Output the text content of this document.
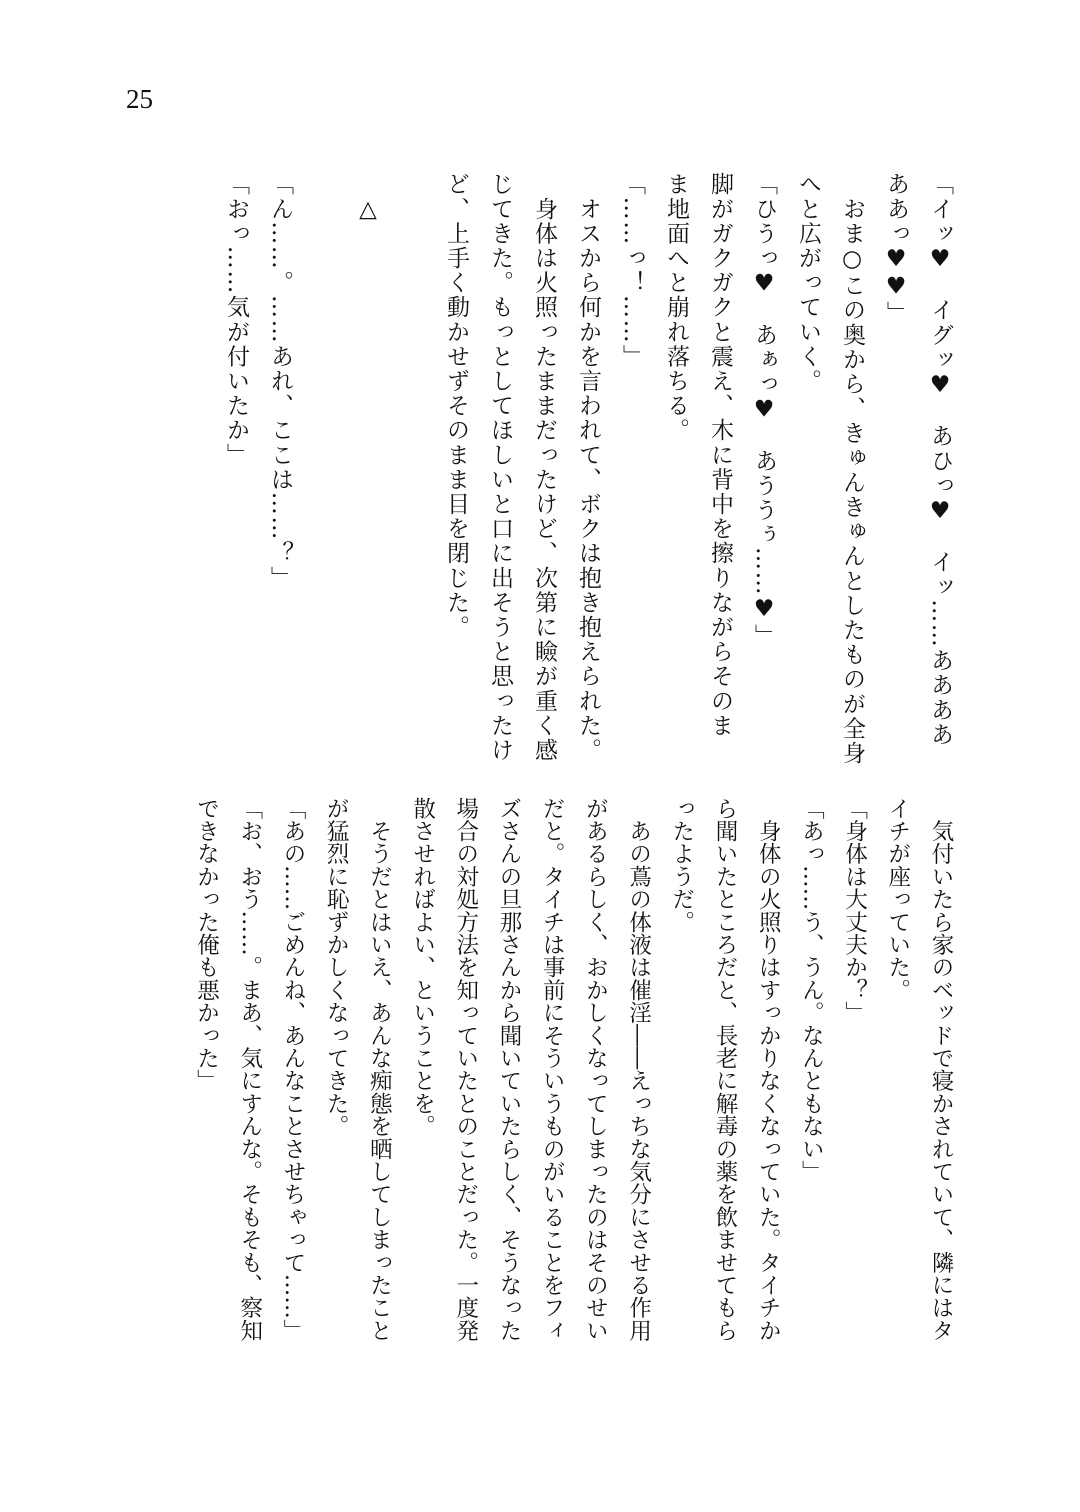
25
「イッ♥　イグッ♥　あひっ♥　イッ……ああああ
ああっ♥♥」
　おま○この奥から、きゅんきゅんとしたものが全身
へと広がっていく。
「ひうっ♥　あぁっ♥　あううぅ……♥」
脚がガクガクと震え、木に背中を擦りながらそのま
ま地面へと崩れ落ちる。
「……っ！……」
　オスから何かを言われて、ボクは抱き抱えられた。
　身体は火照ったままだったけど、次第に瞼が重く感
じてきた。もっとしてほしいと口に出そうと思ったけ
ど、上手く動かせずそのまま目を閉じた。

　△

「ん……。……あれ、ここは……？」
「おっ……気が付いたか」
　気付いたら家のベッドで寝かされていて、隣にはタ
イチが座っていた。
「身体は大丈夫か？」
「あっ……う、うん。なんともない」
　身体の火照りはすっかりなくなっていた。タイチか
ら聞いたところだと、長老に解毒の薬を飲ませてもら
ったようだ。
　あの蔦の体液は催淫――えっちな気分にさせる作用
があるらしく、おかしくなってしまったのはそのせい
だと。タイチは事前にそういうものがいることをフィ
ズさんの旦那さんから聞いていたらしく、そうなった
場合の対処方法を知っていたとのことだった。一度発
散させればよい、ということを。
　そうだとはいえ、あんな痴態を晒してしまったこと
が猛烈に恥ずかしくなってきた。
「あの……ごめんね、あんなことさせちゃって……」
「お、おう……。まあ、気にすんな。そもそも、察知
できなかった俺も悪かった」
